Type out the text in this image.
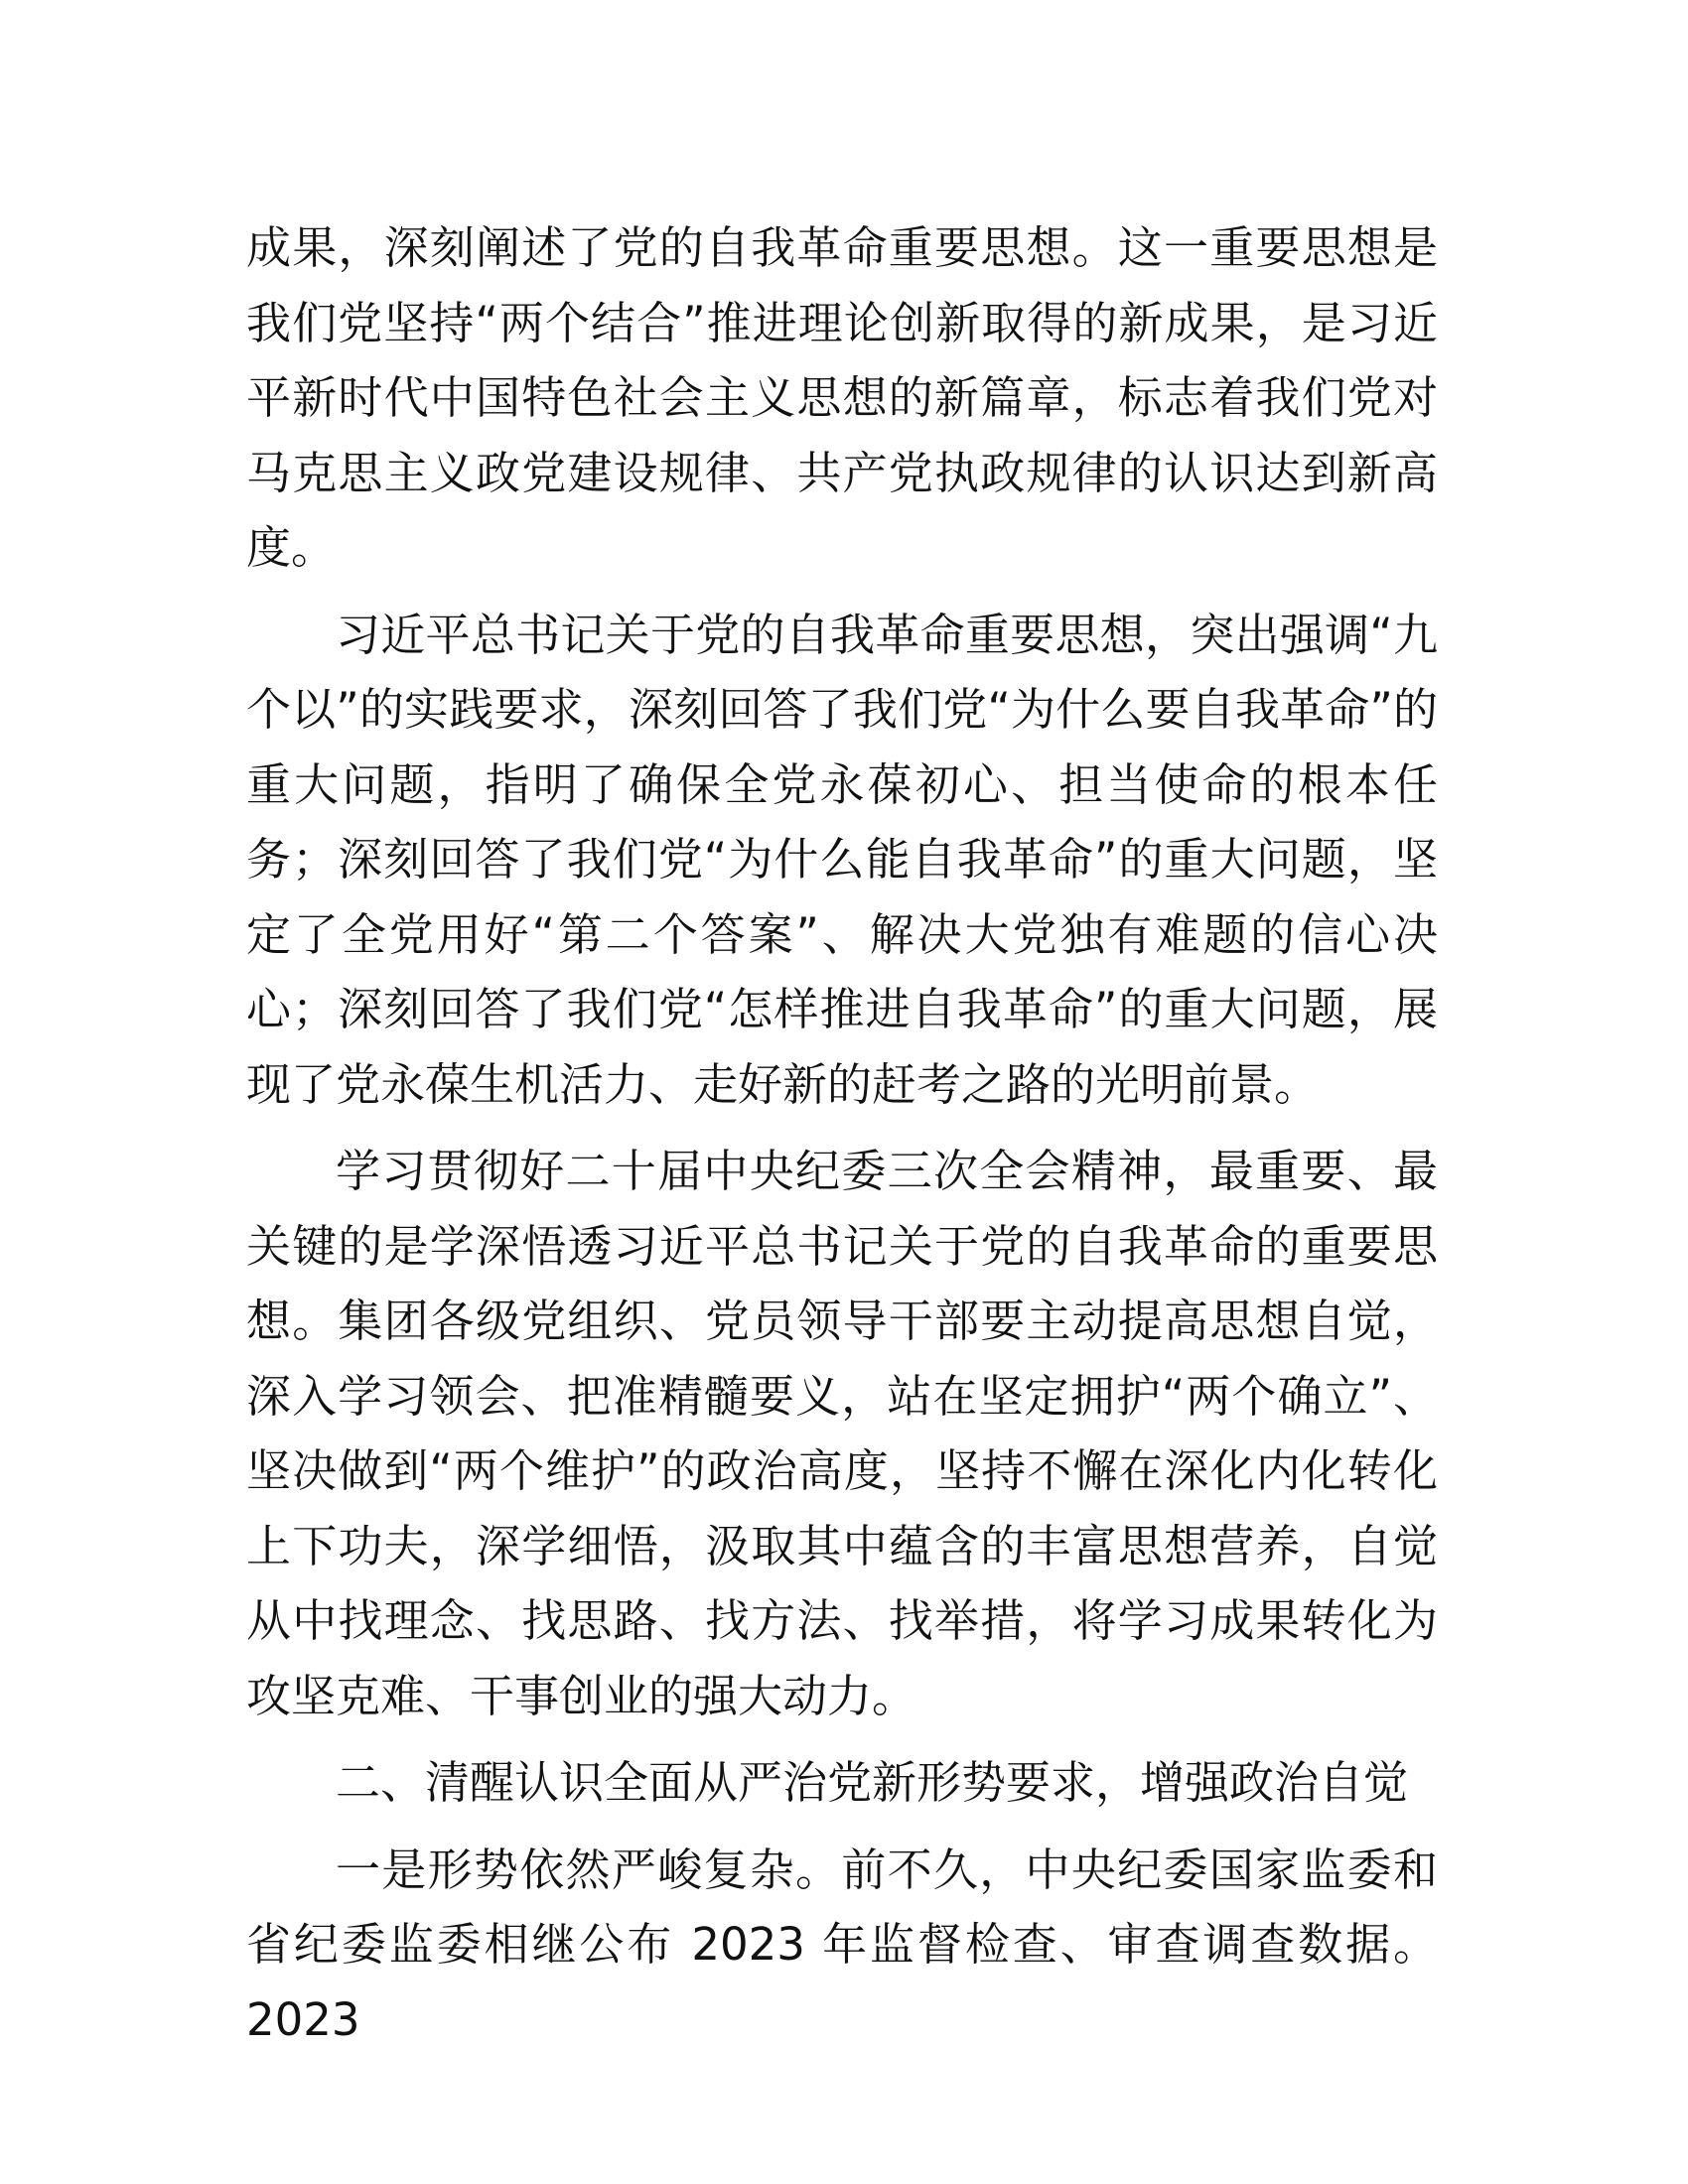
成果，深刻阐述了党的自我革命重要思想。这一重要思想是我们党坚持“两个结合”推进理论创新取得的新成果，是习近平新时代中国特色社会主义思想的新篇章，标志着我们党对马克思主义政党建设规律、共产党执政规律的认识达到新高度。

习近平总书记关于党的自我革命重要思想，突出强调“九个以”的实践要求，深刻回答了我们党“为什么要自我革命”的重大问题，指明了确保全党永葆初心、担当使命的根本任务；深刻回答了我们党“为什么能自我革命”的重大问题，坚定了全党用好“第二个答案”、解决大党独有难题的信心决心；深刻回答了我们党“怎样推进自我革命”的重大问题，展现了党永葆生机活力、走好新的赶考之路的光明前景。

学习贯彻好二十届中央纪委三次全会精神，最重要、最关键的是学深悟透习近平总书记关于党的自我革命的重要思想。集团各级党组织、党员领导干部要主动提高思想自觉，深入学习领会、把准精髓要义，站在坚定拥护“两个确立”、坚决做到“两个维护”的政治高度，坚持不懈在深化内化转化上下功夫，深学细悟，汲取其中蕴含的丰富思想营养，自觉从中找理念、找思路、找方法、找举措，将学习成果转化为攻坚克难、干事创业的强大动力。

二、清醒认识全面从严治党新形势要求，增强政治自觉

一是形势依然严峻复杂。前不久，中央纪委国家监委和省纪委监委相继公布 2023 年监督检查、审查调查数据。2023
